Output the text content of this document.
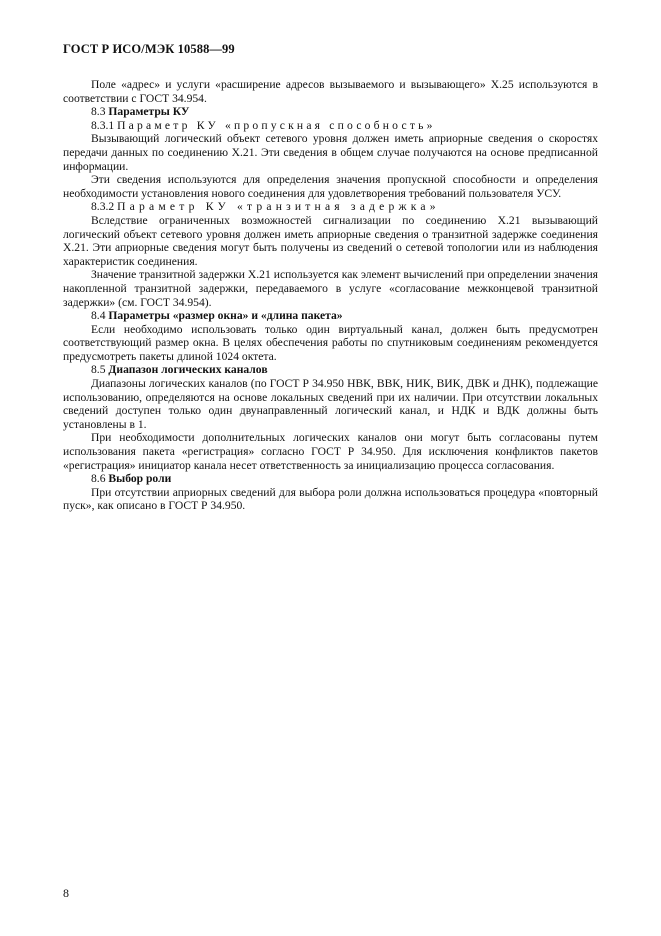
ГОСТ Р ИСО/МЭК 10588—99

Поле «адрес» и услуги «расширение адресов вызываемого и вызывающего» X.25 используются в соответствии с ГОСТ 34.954.

8.3 Параметры КУ

8.3.1 Параметр КУ «пропускная способность»

Вызывающий логический объект сетевого уровня должен иметь априорные сведения о скоростях передачи данных по соединению X.21. Эти сведения в общем случае получаются на основе предписанной информации.

Эти сведения используются для определения значения пропускной способности и определения необходимости установления нового соединения для удовлетворения требований пользователя УСУ.

8.3.2 Параметр КУ «транзитная задержка»

Вследствие ограниченных возможностей сигнализации по соединению X.21 вызывающий логический объект сетевого уровня должен иметь априорные сведения о транзитной задержке соединения X.21. Эти априорные сведения могут быть получены из сведений о сетевой топологии или из наблюдения характеристик соединения.

Значение транзитной задержки X.21 используется как элемент вычислений при определении значения накопленной транзитной задержки, передаваемого в услуге «согласование межконцевой транзитной задержки» (см. ГОСТ 34.954).

8.4 Параметры «размер окна» и «длина пакета»

Если необходимо использовать только один виртуальный канал, должен быть предусмотрен соответствующий размер окна. В целях обеспечения работы по спутниковым соединениям рекомендуется предусмотреть пакеты длиной 1024 октета.

8.5 Диапазон логических каналов

Диапазоны логических каналов (по ГОСТ Р 34.950 НВК, ВВК, НИК, ВИК, ДВК и ДНК), подлежащие использованию, определяются на основе локальных сведений при их наличии. При отсутствии локальных сведений доступен только один двунаправленный логический канал, и НДК и ВДК должны быть установлены в 1.

При необходимости дополнительных логических каналов они могут быть согласованы путем использования пакета «регистрация» согласно ГОСТ Р 34.950. Для исключения конфликтов пакетов «регистрация» инициатор канала несет ответственность за инициализацию процесса согласования.

8.6 Выбор роли

При отсутствии априорных сведений для выбора роли должна использоваться процедура «повторный пуск», как описано в ГОСТ Р 34.950.

8
